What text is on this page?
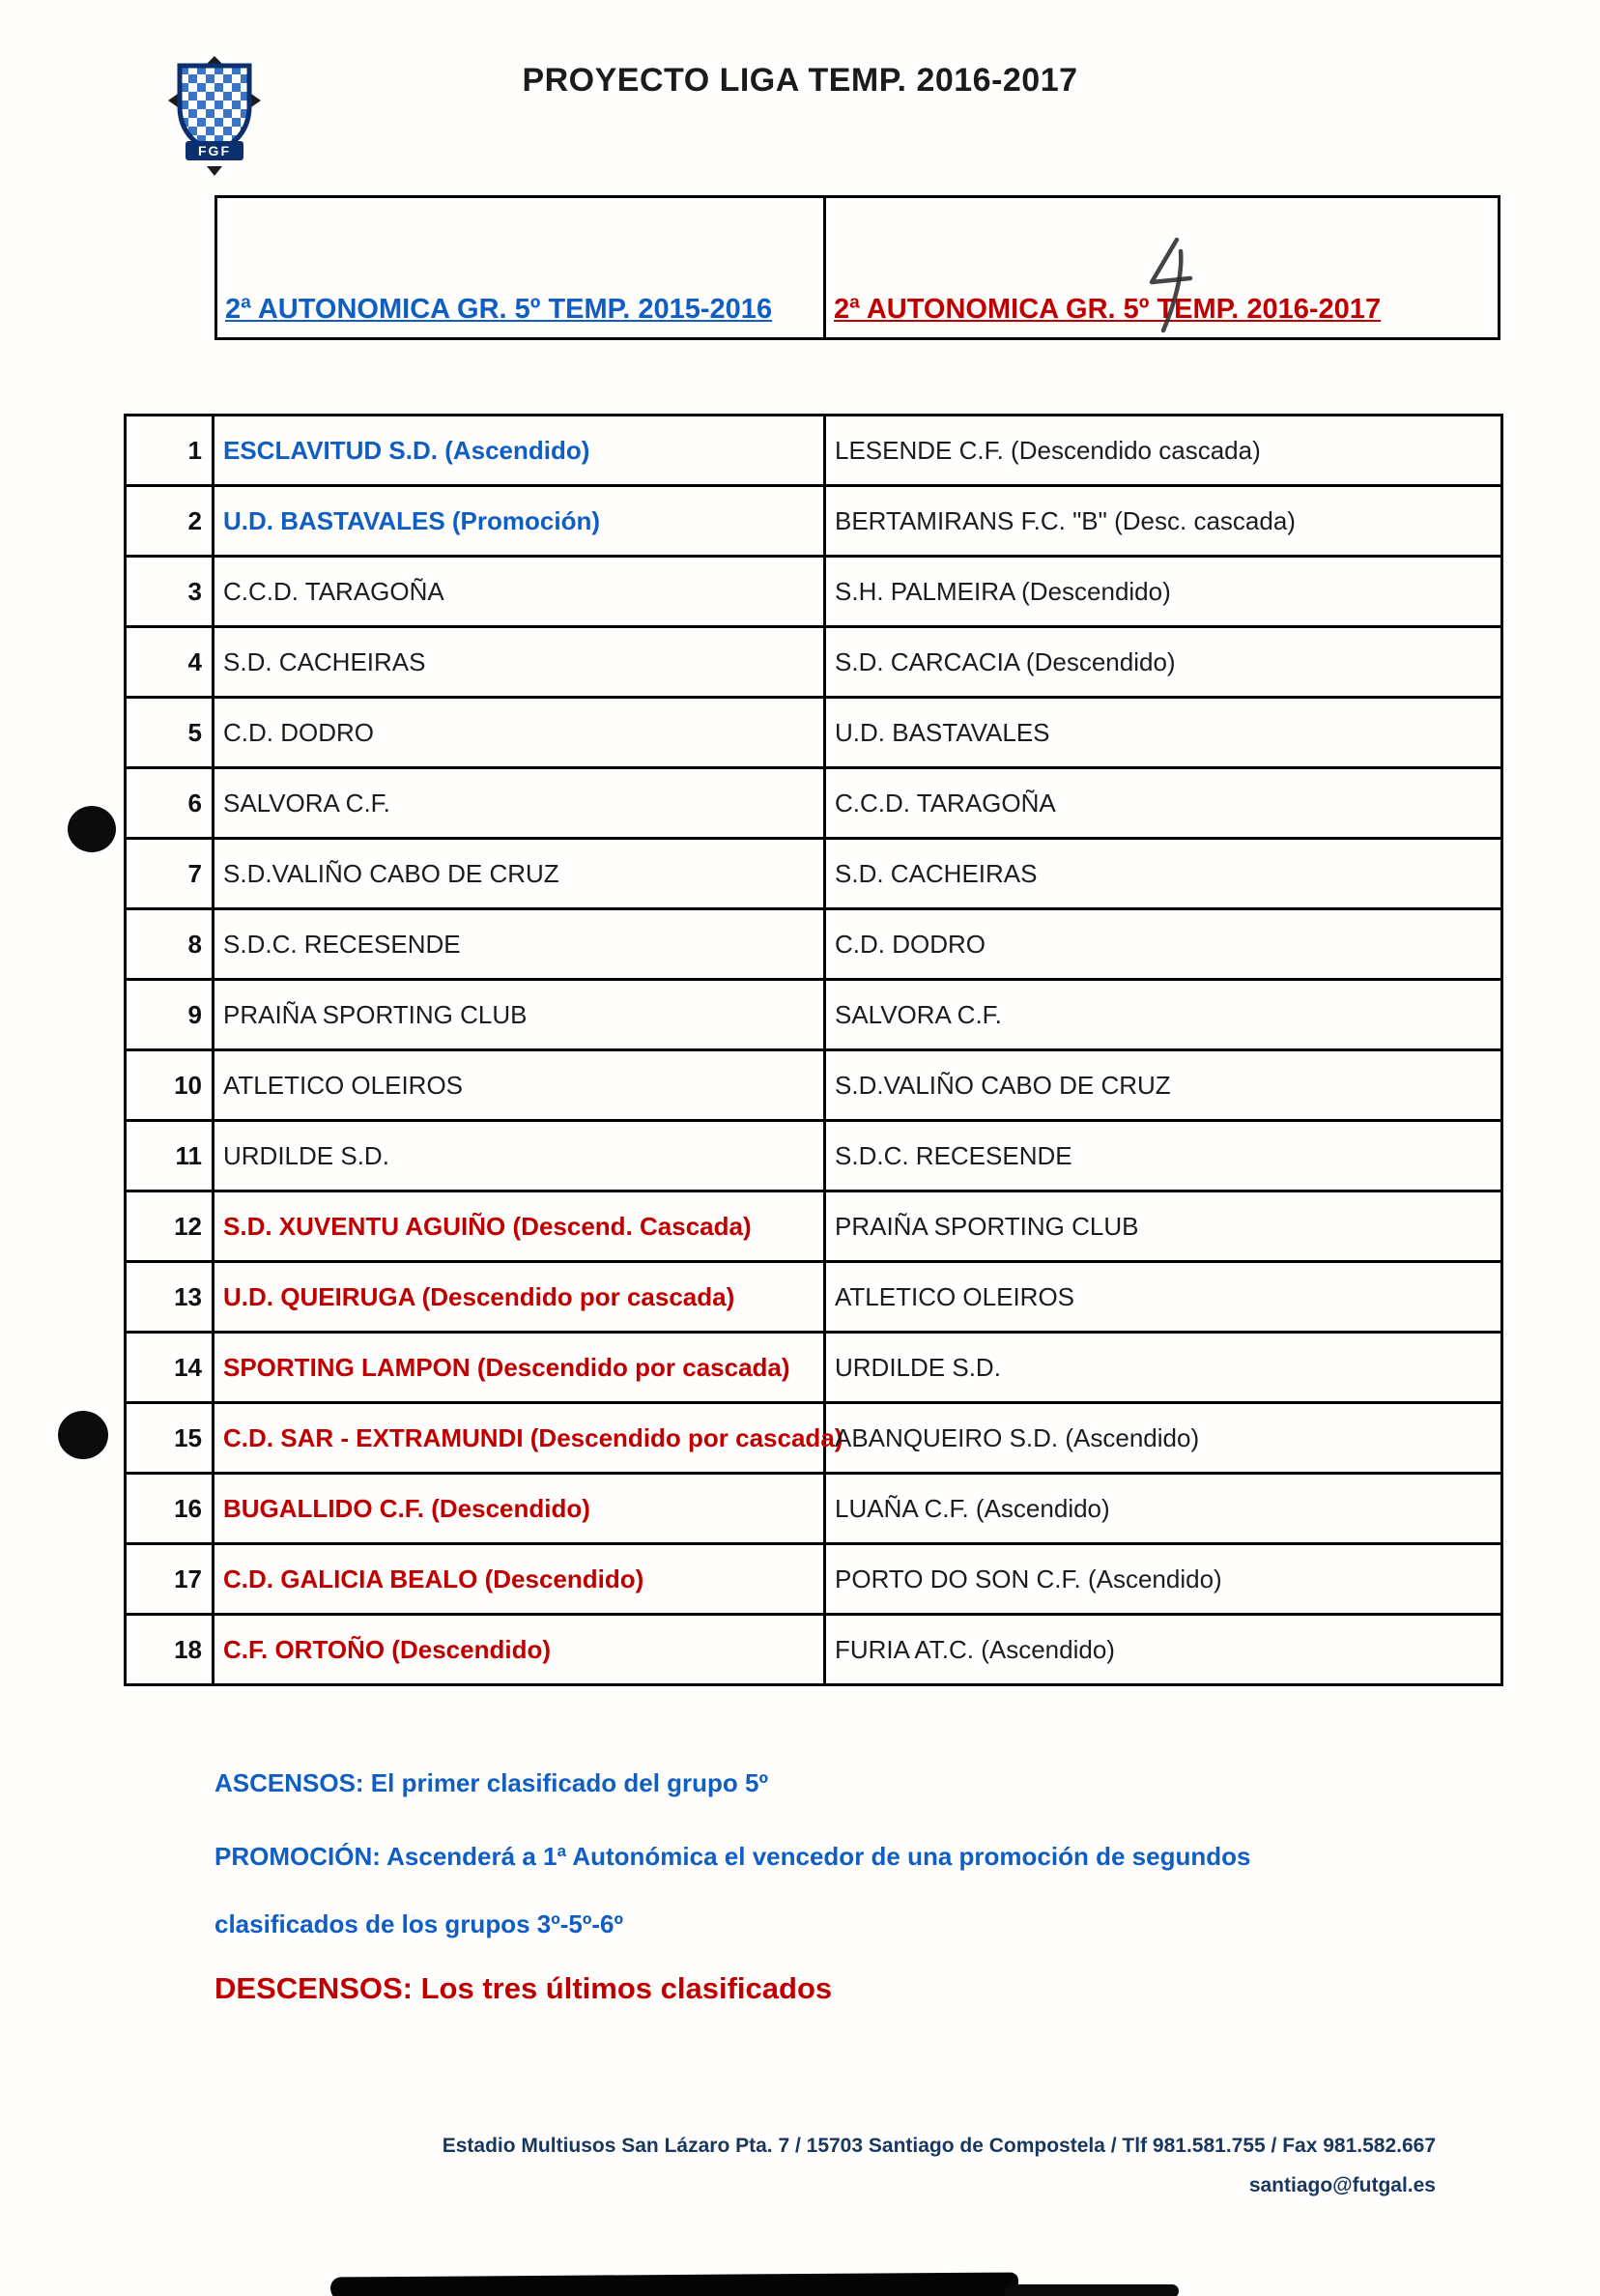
FGF
PROYECTO LIGA TEMP. 2016-2017
2ª AUTONOMICA GR. 5º TEMP. 2015-2016 2ª AUTONOMICA GR. 5º TEMP. 2016-2017
1	ESCLAVITUD S.D. (Ascendido)	LESENDE C.F. (Descendido cascada)
2	U.D. BASTAVALES (Promoción)	BERTAMIRANS F.C. "B" (Desc. cascada)
3	C.C.D. TARAGOÑA	S.H. PALMEIRA (Descendido)
4	S.D. CACHEIRAS	S.D. CARCACIA (Descendido)
5	C.D. DODRO	U.D. BASTAVALES
6	SALVORA C.F.	C.C.D. TARAGOÑA
7	S.D.VALIÑO CABO DE CRUZ	S.D. CACHEIRAS
8	S.D.C. RECESENDE	C.D. DODRO
9	PRAIÑA SPORTING CLUB	SALVORA C.F.
10	ATLETICO OLEIROS	S.D.VALIÑO CABO DE CRUZ
11	URDILDE S.D.	S.D.C. RECESENDE
12	S.D. XUVENTU AGUIÑO (Descend. Cascada)	PRAIÑA SPORTING CLUB
13	U.D. QUEIRUGA (Descendido por cascada)	ATLETICO OLEIROS
14	SPORTING LAMPON (Descendido por cascada)	URDILDE S.D.
15	C.D. SAR - EXTRAMUNDI (Descendido por cascada)	ABANQUEIRO S.D. (Ascendido)
16	BUGALLIDO C.F. (Descendido)	LUAÑA C.F. (Ascendido)
17	C.D. GALICIA BEALO (Descendido)	PORTO DO SON C.F. (Ascendido)
18	C.F. ORTOÑO (Descendido)	FURIA AT.C. (Ascendido)
ASCENSOS: El primer clasificado del grupo 5º
PROMOCIÓN: Ascenderá a 1ª Autonómica el vencedor de una promoción de segundos
clasificados de los grupos 3º-5º-6º
DESCENSOS: Los tres últimos clasificados
Estadio Multiusos San Lázaro Pta. 7 / 15703 Santiago de Compostela / Tlf 981.581.755 / Fax 981.582.667
santiago@futgal.es
